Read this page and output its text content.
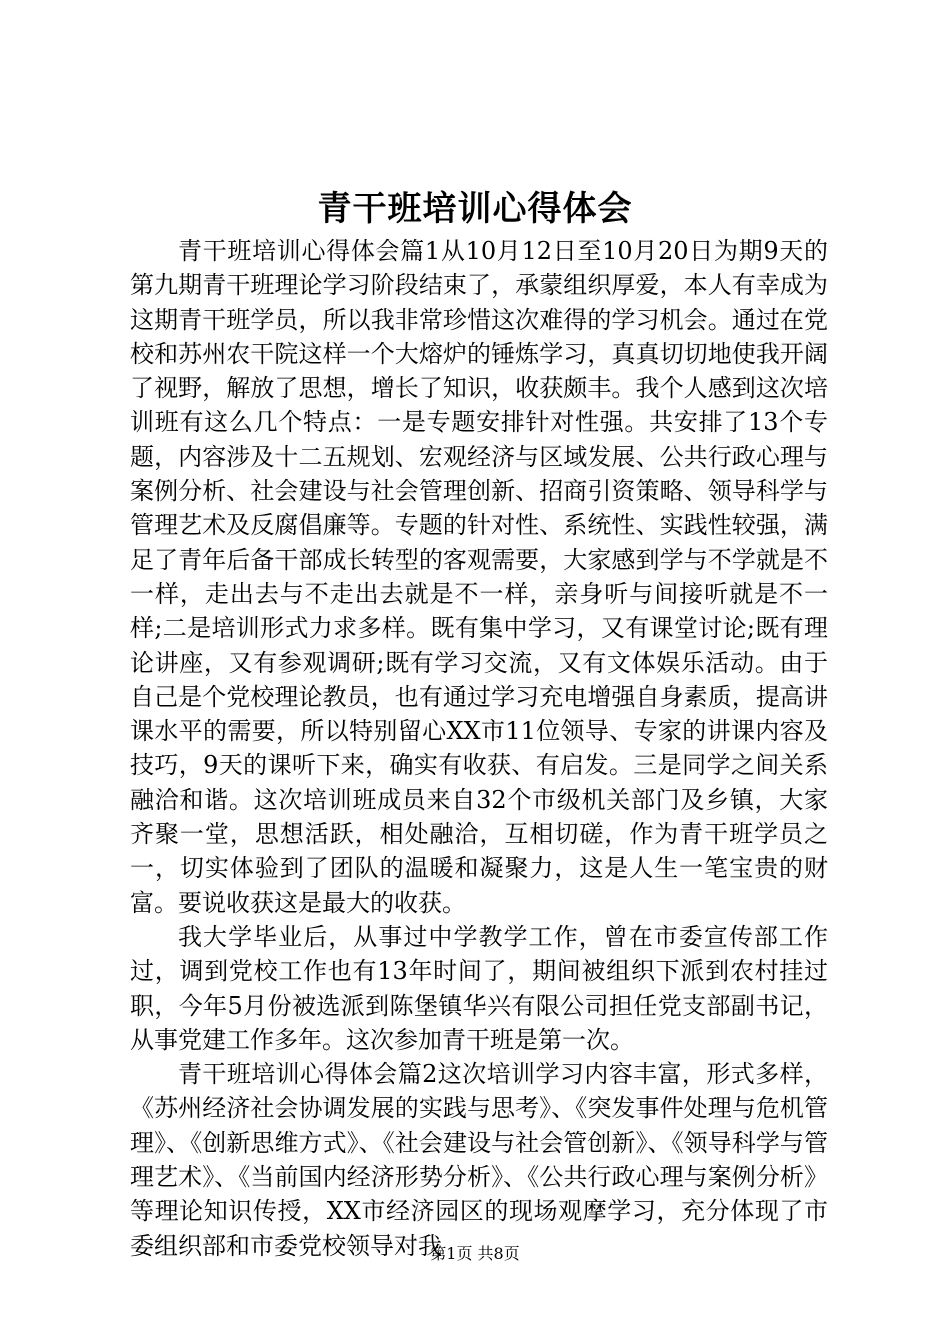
青干班培训心得体会

青干班培训心得体会篇1从10月12日至10月20日为期9天的第九期青干班理论学习阶段结束了，承蒙组织厚爱，本人有幸成为这期青干班学员，所以我非常珍惜这次难得的学习机会。通过在党校和苏州农干院这样一个大熔炉的锤炼学习，真真切切地使我开阔了视野，解放了思想，增长了知识，收获颇丰。我个人感到这次培训班有这么几个特点：一是专题安排针对性强。共安排了13个专题，内容涉及十二五规划、宏观经济与区域发展、公共行政心理与案例分析、社会建设与社会管理创新、招商引资策略、领导科学与管理艺术及反腐倡廉等。专题的针对性、系统性、实践性较强，满足了青年后备干部成长转型的客观需要，大家感到学与不学就是不一样，走出去与不走出去就是不一样，亲身听与间接听就是不一样;二是培训形式力求多样。既有集中学习，又有课堂讨论;既有理论讲座，又有参观调研;既有学习交流，又有文体娱乐活动。由于自己是个党校理论教员，也有通过学习充电增强自身素质，提高讲课水平的需要，所以特别留心XX市11位领导、专家的讲课内容及技巧，9天的课听下来，确实有收获、有启发。三是同学之间关系融洽和谐。这次培训班成员来自32个市级机关部门及乡镇，大家齐聚一堂，思想活跃，相处融洽，互相切磋，作为青干班学员之一，切实体验到了团队的温暖和凝聚力，这是人生一笔宝贵的财富。要说收获这是最大的收获。

我大学毕业后，从事过中学教学工作，曾在市委宣传部工作过，调到党校工作也有13年时间了，期间被组织下派到农村挂过职，今年5月份被选派到陈堡镇华兴有限公司担任党支部副书记，从事党建工作多年。这次参加青干班是第一次。

青干班培训心得体会篇2这次培训学习内容丰富，形式多样，《苏州经济社会协调发展的实践与思考》、《突发事件处理与危机管理》、《创新思维方式》、《社会建设与社会管创新》、《领导科学与管理艺术》、《当前国内经济形势分析》、《公共行政心理与案例分析》等理论知识传授，XX市经济园区的现场观摩学习，充分体现了市委组织部和市委党校领导对我

第1页 共8页
